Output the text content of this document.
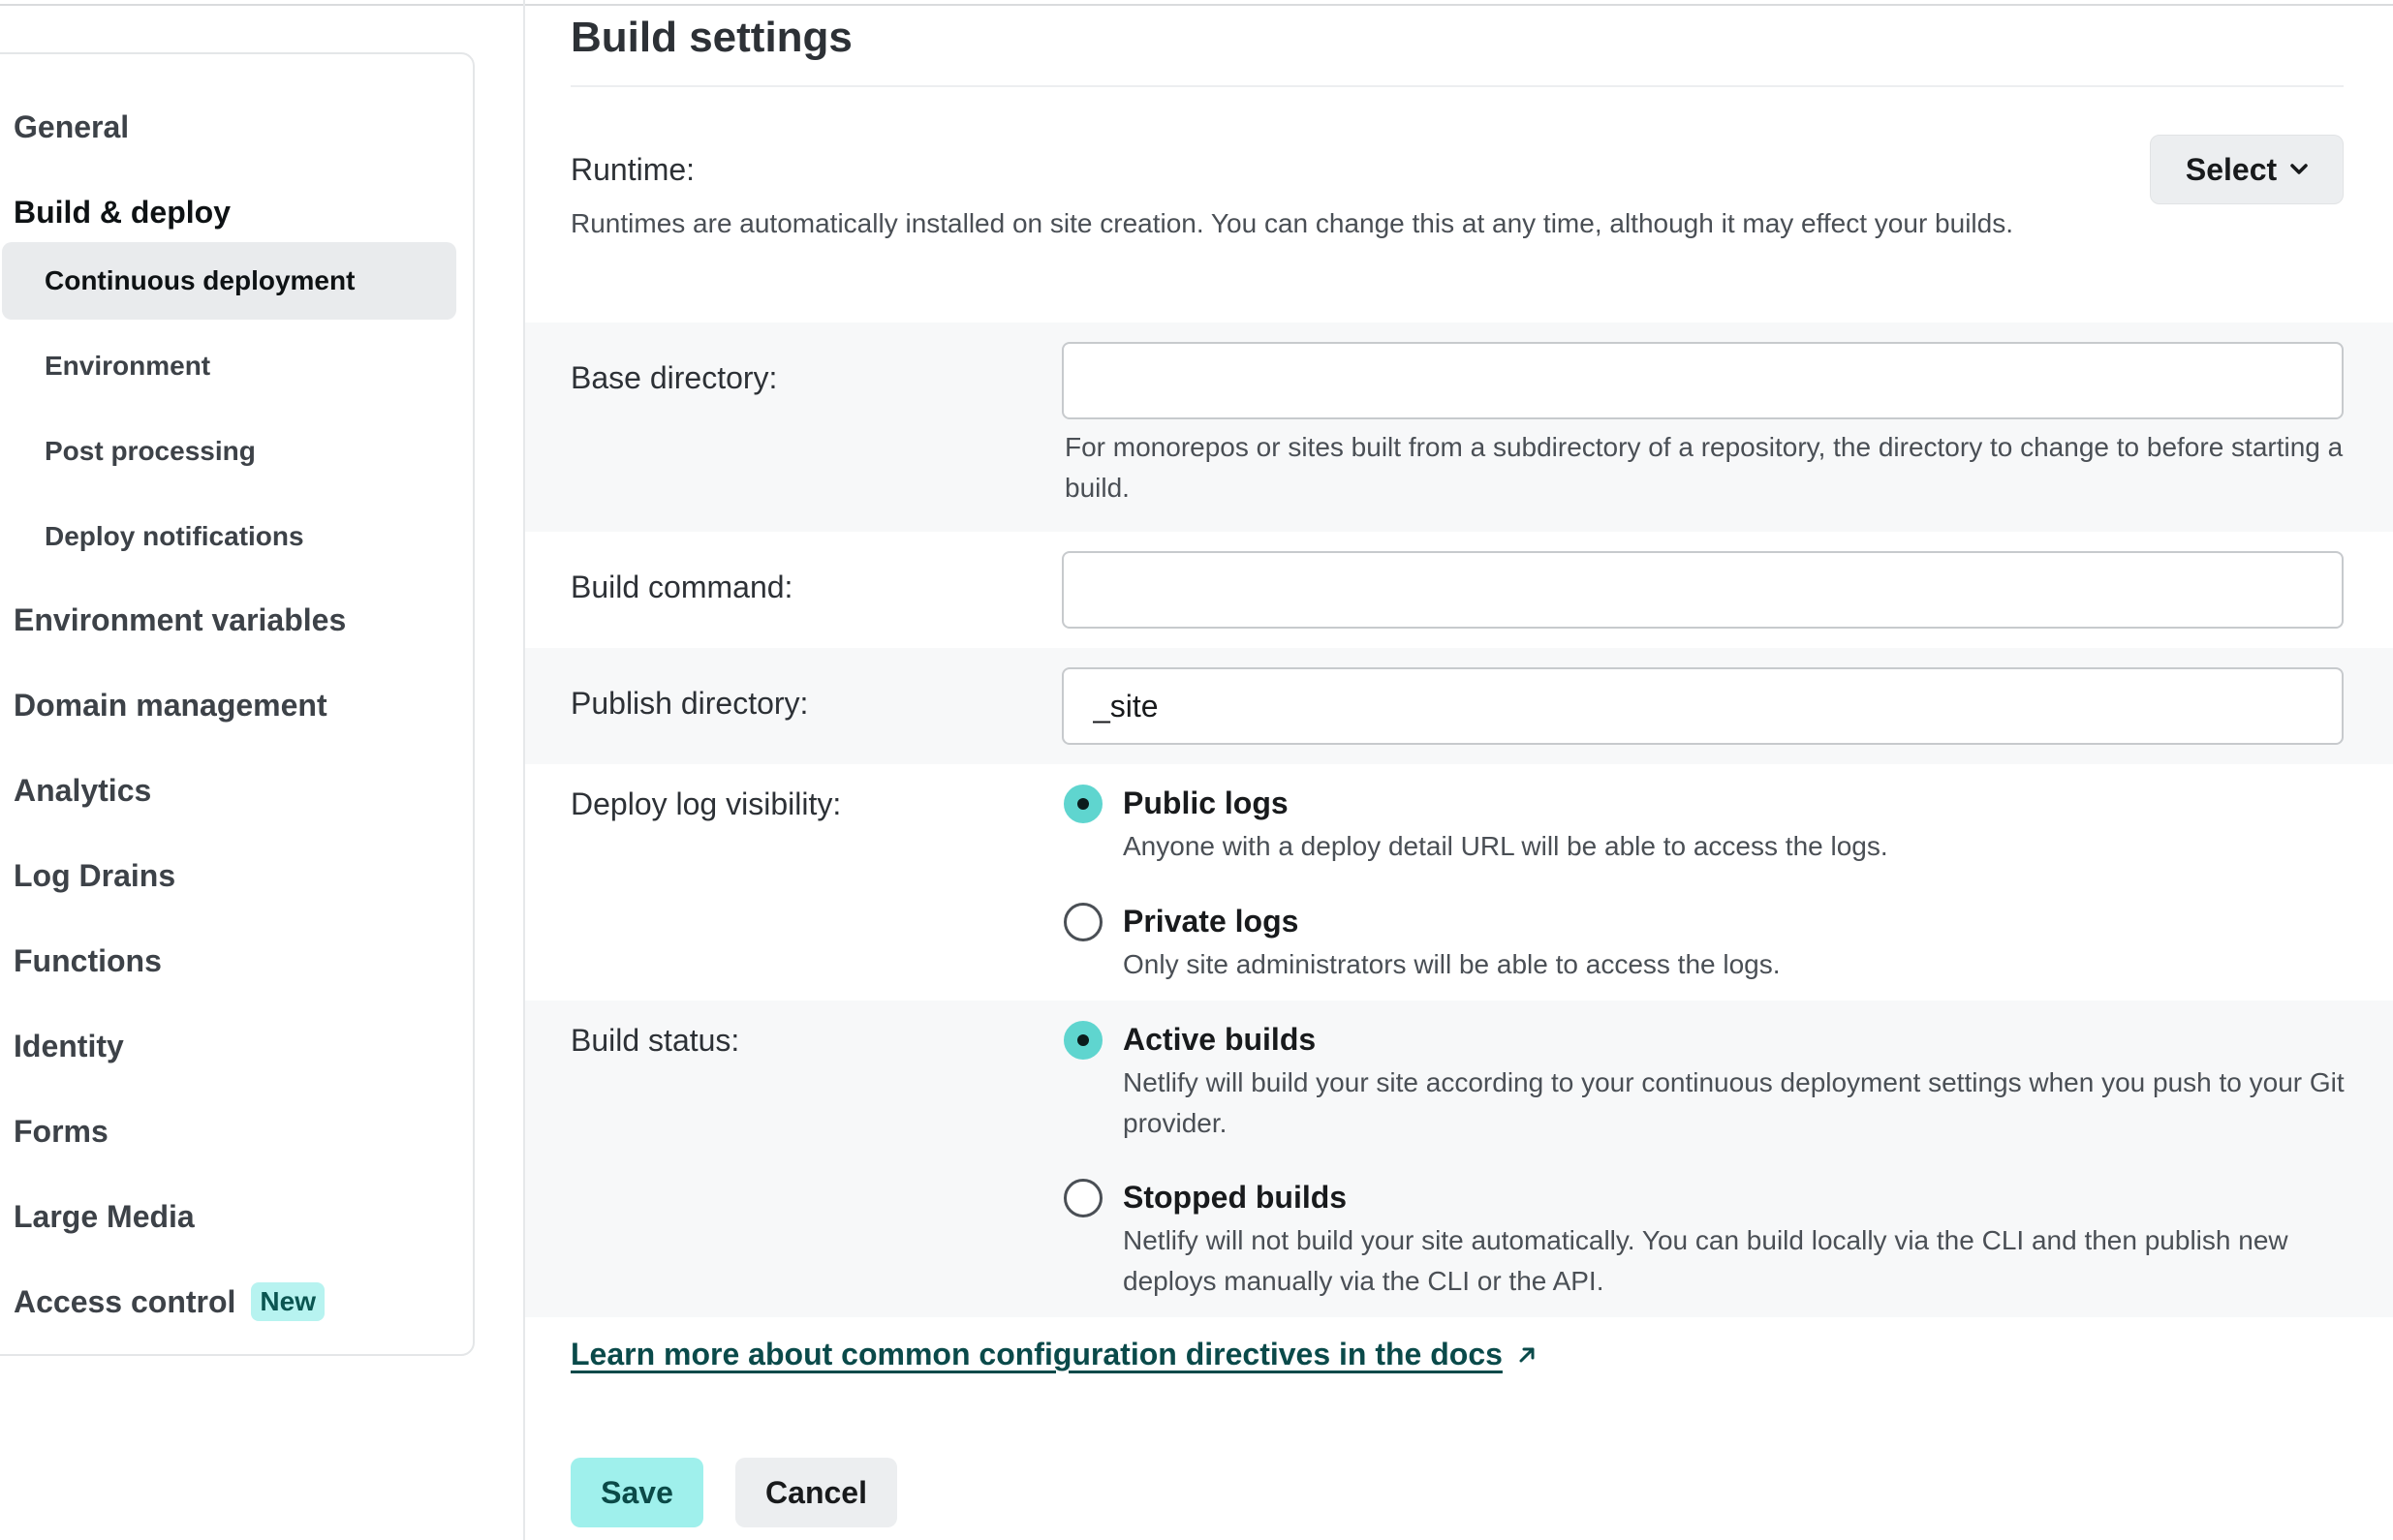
General
Build & deploy
Continuous deployment
Environment
Post processing
Deploy notifications
Environment variables
Domain management
Analytics
Log Drains
Functions
Identity
Forms
Large Media
Access control New
Build settings
Runtime:
Runtimes are automatically installed on site creation. You can change this at any time, although it may effect your builds.
Select
Base directory:
For monorepos or sites built from a subdirectory of a repository, the directory to change to before starting a build.
Build command:
Publish directory:
_site
Deploy log visibility:	Public logs
Anyone with a deploy detail URL will be able to access the logs.
Private logs
Only site administrators will be able to access the logs.
Build status:	Active builds
Netlify will build your site according to your continuous deployment settings when you push to your Git provider.
Stopped builds
Netlify will not build your site automatically. You can build locally via the CLI and then publish new deploys manually via the CLI or the API.
Learn more about common configuration directives in the docs
Save	Cancel
